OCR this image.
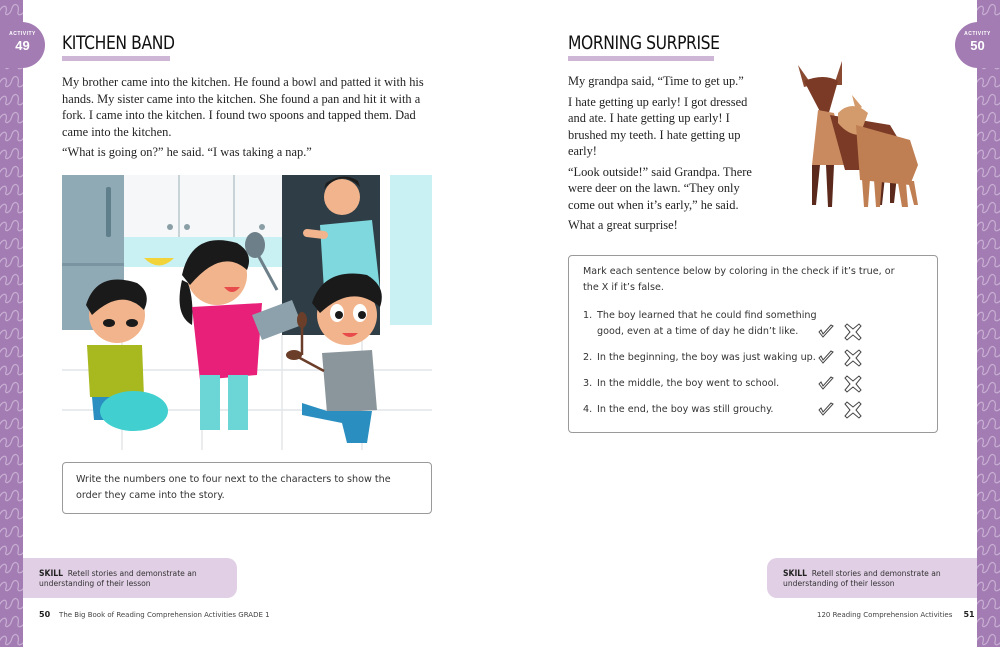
ACTIVITY
49	KITCHEN BAND

My brother came into the kitchen. He found a bowl and patted it with his hands. My sister came into the kitchen. She found a pan and hit it with a fork. I came into the kitchen. I found two spoons and tapped them. Dad came into the kitchen.

“What is going on?” he said. “I was taking a nap.”

Write the numbers one to four next to the characters to show the order they came into the story.
SKILL Retell stories and demonstrate an understanding of their lesson
50 The Big Book of Reading Comprehension Activities GRADE 1
ACTIVITY
50
MORNING SURPRISE

My grandpa said, “Time to get up.”

I hate getting up early! I got dressed and ate. I hate getting up early! I brushed my teeth. I hate getting up early!

“Look outside!” said Grandpa. There were deer on the lawn. “They only come out when it’s early,” he said.

What a great surprise!

Mark each sentence below by coloring in the check if it’s true, or the X if it’s false.
1. The boy learned that he could find something good, even at a time of day he didn’t like.
2. In the beginning, the boy was just waking up.
3. In the middle, the boy went to school.
4. In the end, the boy was still grouchy.
SKILL Retell stories and demonstrate an understanding of their lesson
120 Reading Comprehension Activities 51
